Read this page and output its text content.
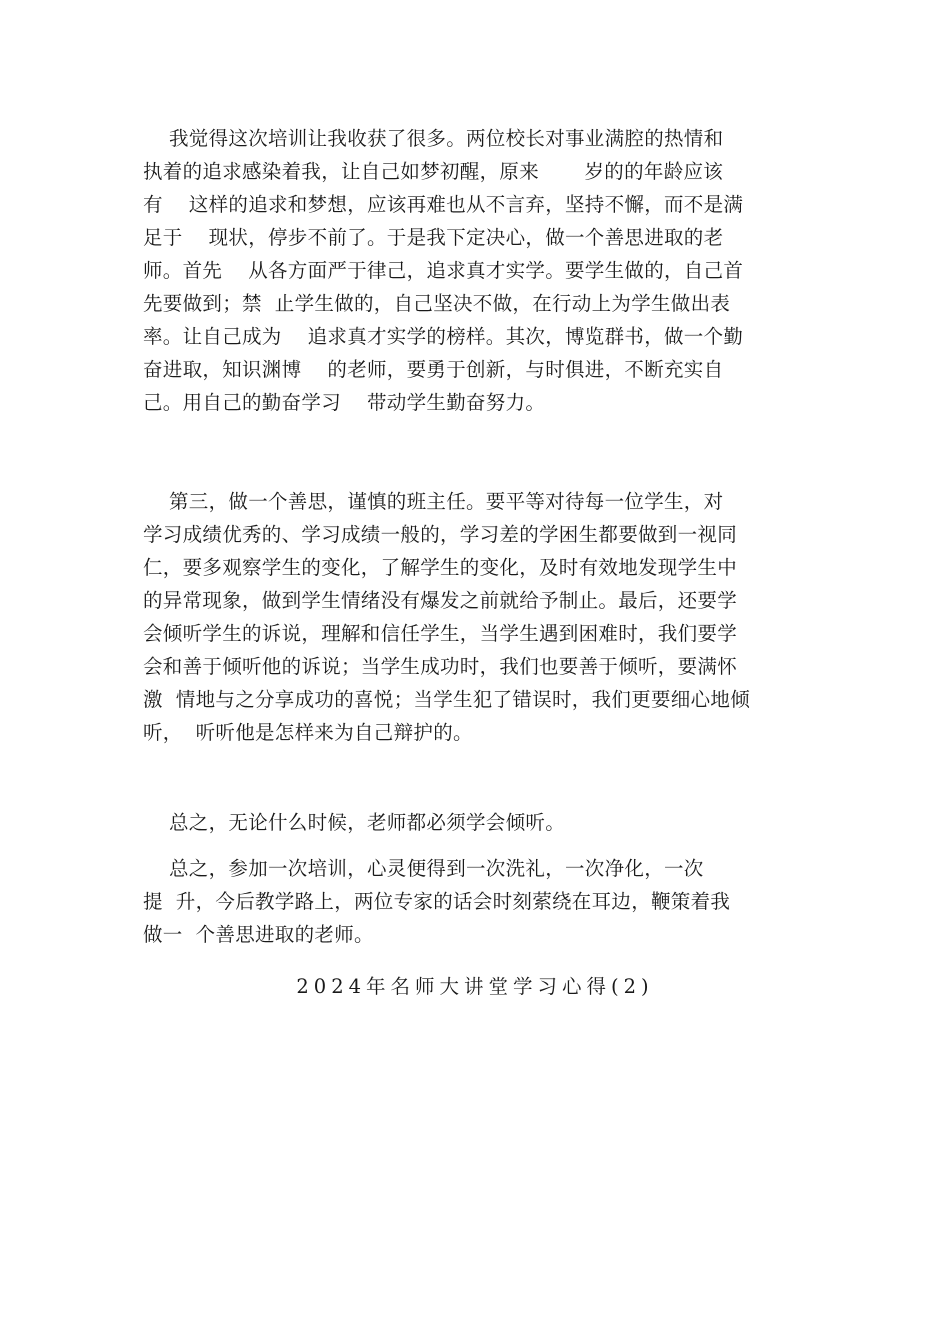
我觉得这次培训让我收获了很多。两位校长对事业满腔的热情和
执着的追求感染着我，让自己如梦初醒，原来       岁的的年龄应该
有    这样的追求和梦想，应该再难也从不言弃，坚持不懈，而不是满
足于    现状，停步不前了。于是我下定决心，做一个善思进取的老
师。首先    从各方面严于律己，追求真才实学。要学生做的，自己首
先要做到；禁  止学生做的，自己坚决不做，在行动上为学生做出表
率。让自己成为    追求真才实学的榜样。其次，博览群书，做一个勤
奋进取，知识渊博    的老师，要勇于创新，与时俱进，不断充实自
己。用自己的勤奋学习    带动学生勤奋努力。
第三，做一个善思，谨慎的班主任。要平等对待每一位学生，对
学习成绩优秀的、学习成绩一般的，学习差的学困生都要做到一视同
仁，要多观察学生的变化，了解学生的变化，及时有效地发现学生中
的异常现象，做到学生情绪没有爆发之前就给予制止。最后，还要学
会倾听学生的诉说，理解和信任学生，当学生遇到困难时，我们要学
会和善于倾听他的诉说；当学生成功时，我们也要善于倾听，要满怀
激  情地与之分享成功的喜悦；当学生犯了错误时，我们更要细心地倾
听，  听听他是怎样来为自己辩护的。
总之，无论什么时候，老师都必须学会倾听。
总之，参加一次培训，心灵便得到一次洗礼，一次净化，一次
提  升，今后教学路上，两位专家的话会时刻萦绕在耳边，鞭策着我
做一  个善思进取的老师。
2024年名师大讲堂学习心得(2)
